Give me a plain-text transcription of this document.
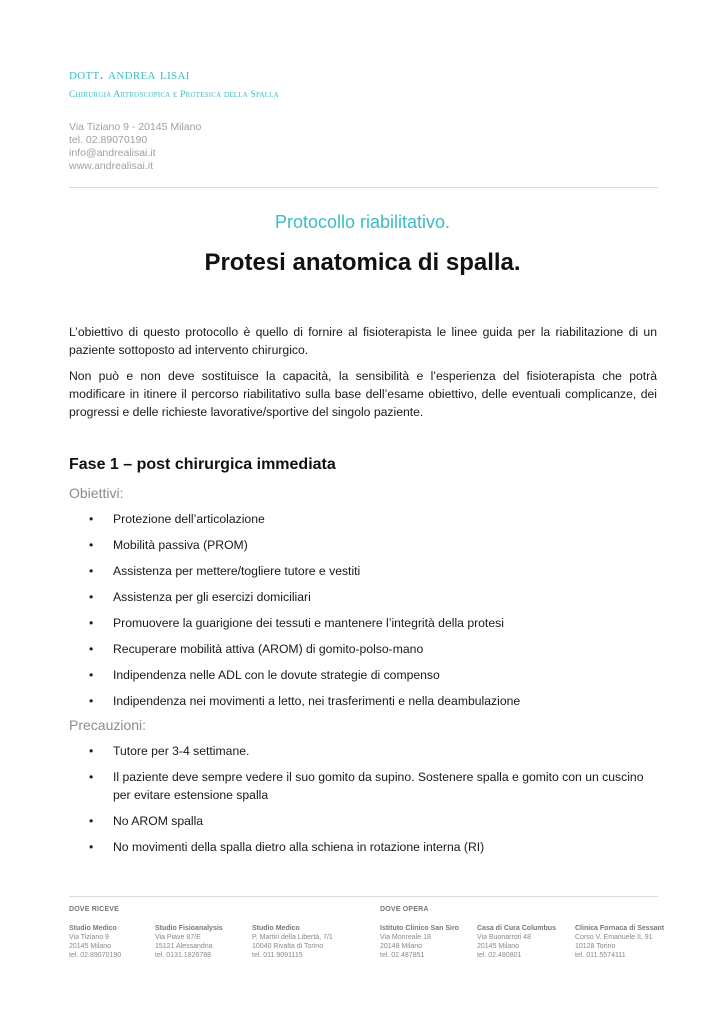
dott. andrea lisai
Chirurgia Artroscopica e Protesica della Spalla
Via Tiziano 9 - 20145 Milano
tel. 02.89070190
info@andrealisai.it
www.andrealisai.it
Protocollo riabilitativo.
Protesi anatomica di spalla.
L’obiettivo di questo protocollo è quello di fornire al fisioterapista le linee guida per la riabilitazione di un paziente sottoposto ad intervento chirurgico.
Non può e non deve sostituisce la capacità, la sensibilità e l’esperienza del fisioterapista che potrà modificare in itinere il percorso riabilitativo sulla base dell’esame obiettivo, delle eventuali complicanze, dei progressi e delle richieste lavorative/sportive del singolo paziente.
Fase 1 – post chirurgica immediata
Obiettivi:
• Protezione dell’articolazione
• Mobilità passiva (PROM)
• Assistenza per mettere/togliere tutore e vestiti
• Assistenza per gli esercizi domiciliari
• Promuovere la guarigione dei tessuti e mantenere l’integrità della protesi
• Recuperare mobilità attiva (AROM) di gomito-polso-mano
• Indipendenza nelle ADL con le dovute strategie di compenso
• Indipendenza nei movimenti a letto, nei trasferimenti e nella deambulazione
Precauzioni:
• Tutore per 3-4 settimane.
• Il paziente deve sempre vedere il suo gomito da supino. Sostenere spalla e gomito con un cuscino per evitare estensione spalla
• No AROM spalla
• No movimenti della spalla dietro alla schiena in rotazione interna (RI)
DOVE RICEVE	DOVE OPERA
Studio Medico
Via Tiziano 9
20145 Milano
tel. 02.89070190
Studio Fisioanalysis
Via Piave 87/E
15121 Alessandria
tel. 0131.1826788
Studio Medico
P. Martiri della Libertà, 7/1
10040 Rivalta di Torino
tel. 011.9091115
Istituto Clinico San Siro
Via Monreale 18
20148 Milano
tel. 02.487851
Casa di Cura Columbus
Via Buonarroti 48
20145 Milano
tel. 02.480801
Clinica Fornaca di Sessant
Corso V. Emanuele II, 91
10128 Torino
tel. 011.5574111
